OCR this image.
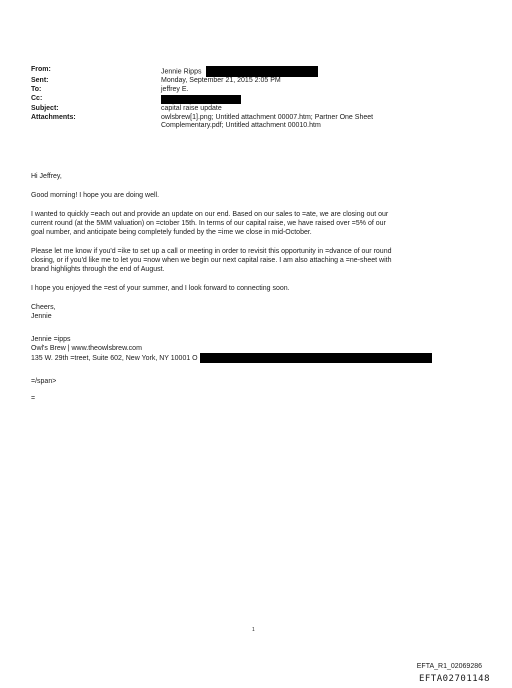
From:	Jennie Ripps
Sent:	Monday, September 21, 2015 2:05 PM
To:	jeffrey E.
Cc:
Subject:	capital raise update
Attachments:	owlsbrew[1].png; Untitled attachment 00007.htm; Partner One Sheet
Complementary.pdf; Untitled attachment 00010.htm

Hi Jeffrey,

Good morning! I hope you are doing well.

I wanted to quickly =each out and provide an update on our end. Based on our sales to =ate, we are closing out our
current round (at the 5MM valuation) on =ctober 15th. In terms of our capital raise, we have raised over =5% of our
goal number, and anticipate being completely funded by the =ime we close in mid-October.

Please let me know if you'd =ike to set up a call or meeting in order to revisit this opportunity in =dvance of our round
closing, or if you'd like me to let you =now when we begin our next capital raise. I am also attaching a =ne-sheet with
brand highlights through the end of August.

I hope you enjoyed the =est of your summer, and I look forward to connecting soon.

Cheers,
Jennie

Jennie =ipps

Owl's Brew | www.theowlsbrew.com

135 W. 29th =treet, Suite 602, New York, NY 10001 O

=/span>

=

1
EFTA_R1_02069286
EFTA02701148
